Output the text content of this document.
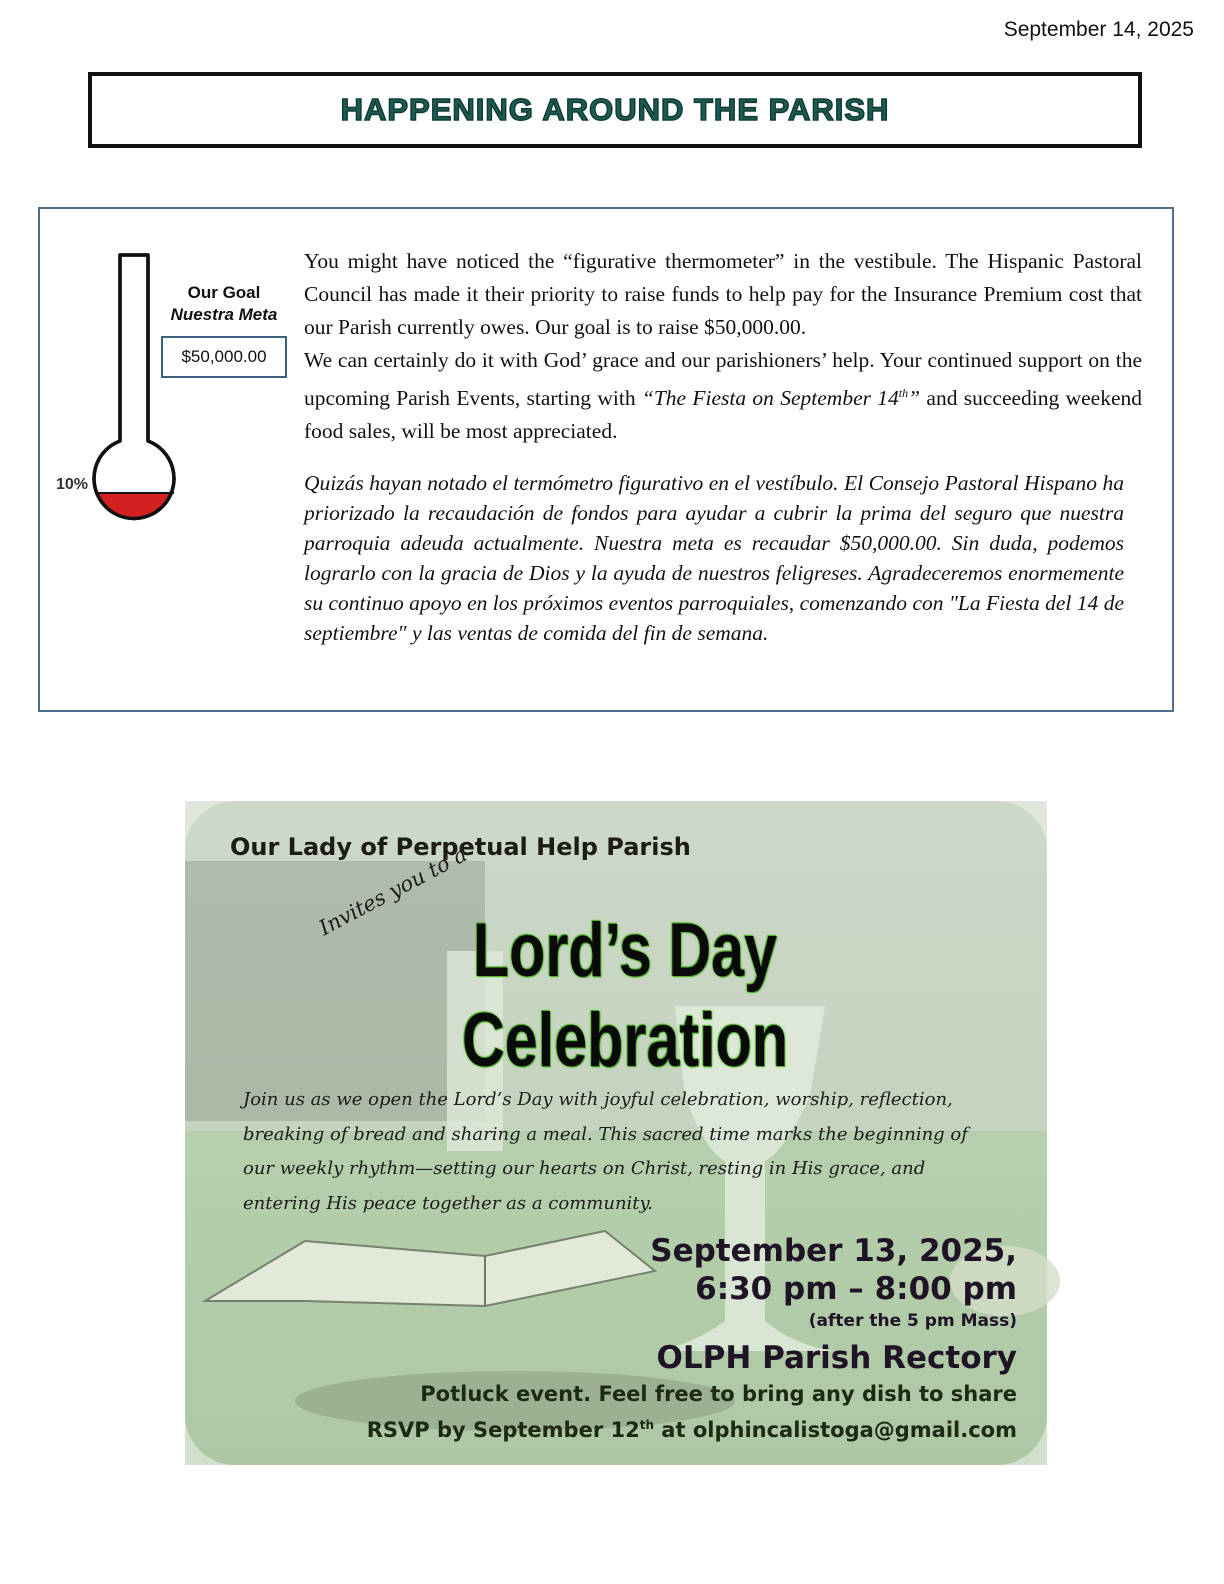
September 14, 2025
HAPPENING AROUND THE PARISH
10%
Our Goal
Nuestra Meta
$50,000.00

You might have noticed the “figurative thermometer” in the vestibule. The Hispanic Pastoral Council has made it their priority to raise funds to help pay for the Insurance Premium cost that our Parish currently owes. Our goal is to raise $50,000.00.

We can certainly do it with God’ grace and our parishioners’ help. Your continued support on the upcoming Parish Events, starting with “The Fiesta on September 14th” and succeeding weekend food sales, will be most appreciated.

Quizás hayan notado el termómetro figurativo en el vestíbulo. El Consejo Pastoral Hispano ha priorizado la recaudación de fondos para ayudar a cubrir la prima del seguro que nuestra parroquia adeuda actualmente. Nuestra meta es recaudar $50,000.00. Sin duda, podemos lograrlo con la gracia de Dios y la ayuda de nuestros feligreses. Agradeceremos enormemente su continuo apoyo en los próximos eventos parroquiales, comenzando con "La Fiesta del 14 de septiembre" y las ventas de comida del fin de semana.

Our Lady of Perpetual Help Parish
Invites you to a
Lord’s Day
Celebration
Join us as we open the Lord’s Day with joyful celebration, worship, reflection, breaking of bread and sharing a meal. This sacred time marks the beginning of our weekly rhythm—setting our hearts on Christ, resting in His grace, and entering His peace together as a community.
September 13, 2025,
6:30 pm – 8:00 pm
(after the 5 pm Mass)
OLPH Parish Rectory
Potluck event. Feel free to bring any dish to share
RSVP by September 12th at olphincalistoga@gmail.com
